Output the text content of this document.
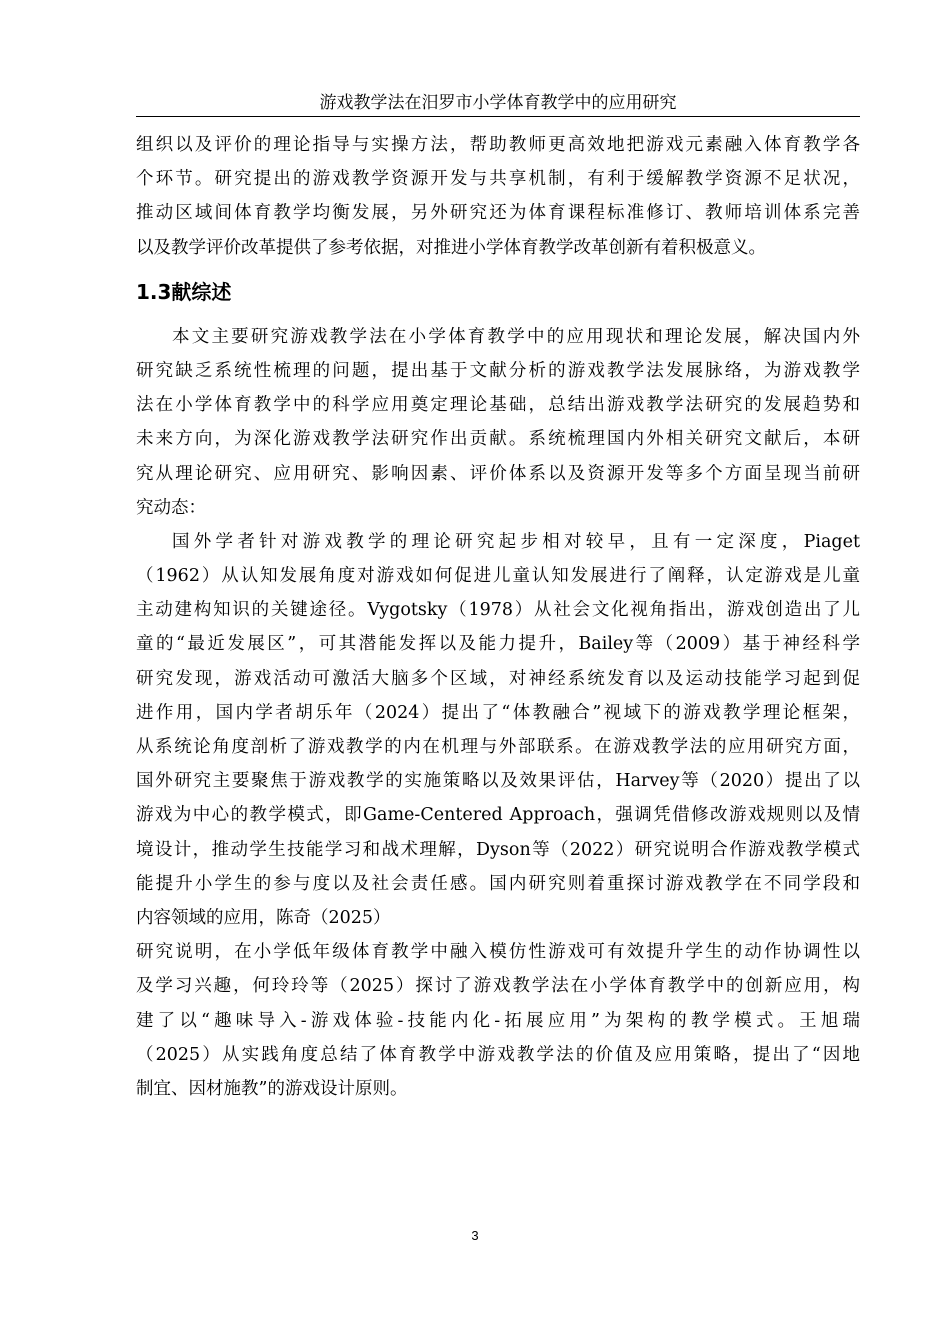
游戏教学法在汨罗市小学体育教学中的应用研究
组织以及评价的理论指导与实操方法，帮助教师更高效地把游戏元素融入体育教学各
个环节。研究提出的游戏教学资源开发与共享机制，有利于缓解教学资源不足状况，
推动区域间体育教学均衡发展，另外研究还为体育课程标准修订、教师培训体系完善
以及教学评价改革提供了参考依据，对推进小学体育教学改革创新有着积极意义。
1.3献综述
本文主要研究游戏教学法在小学体育教学中的应用现状和理论发展，解决国内外
研究缺乏系统性梳理的问题，提出基于文献分析的游戏教学法发展脉络，为游戏教学
法在小学体育教学中的科学应用奠定理论基础，总结出游戏教学法研究的发展趋势和
未来方向，为深化游戏教学法研究作出贡献。系统梳理国内外相关研究文献后，本研
究从理论研究、应用研究、影响因素、评价体系以及资源开发等多个方面呈现当前研
究动态：
国外学者针对游戏教学的理论研究起步相对较早，且有一定深度，Piaget
（1962）从认知发展角度对游戏如何促进儿童认知发展进行了阐释，认定游戏是儿童
主动建构知识的关键途径。Vygotsky（1978）从社会文化视角指出，游戏创造出了儿
童的“最近发展区”，可其潜能发挥以及能力提升，Bailey等（2009）基于神经科学
研究发现，游戏活动可激活大脑多个区域，对神经系统发育以及运动技能学习起到促
进作用，国内学者胡乐年（2024）提出了“体教融合”视域下的游戏教学理论框架，
从系统论角度剖析了游戏教学的内在机理与外部联系。在游戏教学法的应用研究方面，
国外研究主要聚焦于游戏教学的实施策略以及效果评估，Harvey等（2020）提出了以
游戏为中心的教学模式，即Game-Centered Approach，强调凭借修改游戏规则以及情
境设计，推动学生技能学习和战术理解，Dyson等（2022）研究说明合作游戏教学模式
能提升小学生的参与度以及社会责任感。国内研究则着重探讨游戏教学在不同学段和
内容领域的应用，陈奇（2025）
研究说明，在小学低年级体育教学中融入模仿性游戏可有效提升学生的动作协调性以
及学习兴趣，何玲玲等（2025）探讨了游戏教学法在小学体育教学中的创新应用，构
建了以“趣味导入-游戏体验-技能内化-拓展应用”为架构的教学模式。王旭瑞
（2025）从实践角度总结了体育教学中游戏教学法的价值及应用策略，提出了“因地
制宜、因材施教”的游戏设计原则。
3
